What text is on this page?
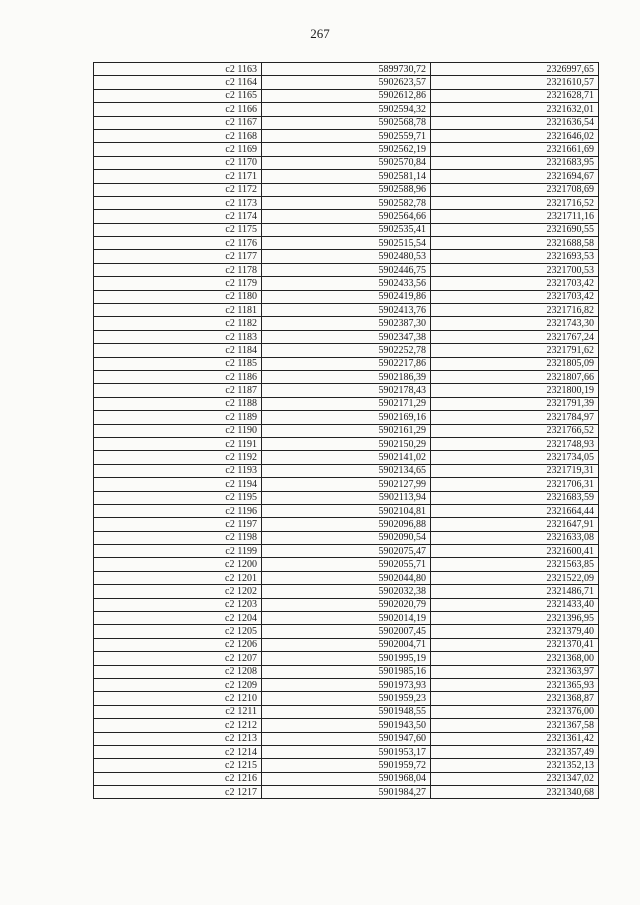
267
с2 1163	5899730,72	2326997,65
с2 1164	5902623,57	2321610,57
с2 1165	5902612,86	2321628,71
с2 1166	5902594,32	2321632,01
с2 1167	5902568,78	2321636,54
с2 1168	5902559,71	2321646,02
с2 1169	5902562,19	2321661,69
с2 1170	5902570,84	2321683,95
с2 1171	5902581,14	2321694,67
с2 1172	5902588,96	2321708,69
с2 1173	5902582,78	2321716,52
с2 1174	5902564,66	2321711,16
с2 1175	5902535,41	2321690,55
с2 1176	5902515,54	2321688,58
с2 1177	5902480,53	2321693,53
с2 1178	5902446,75	2321700,53
с2 1179	5902433,56	2321703,42
с2 1180	5902419,86	2321703,42
с2 1181	5902413,76	2321716,82
с2 1182	5902387,30	2321743,30
с2 1183	5902347,38	2321767,24
с2 1184	5902252,78	2321791,62
с2 1185	5902217,86	2321805,09
с2 1186	5902186,39	2321807,66
с2 1187	5902178,43	2321800,19
с2 1188	5902171,29	2321791,39
с2 1189	5902169,16	2321784,97
с2 1190	5902161,29	2321766,52
с2 1191	5902150,29	2321748,93
с2 1192	5902141,02	2321734,05
с2 1193	5902134,65	2321719,31
с2 1194	5902127,99	2321706,31
с2 1195	5902113,94	2321683,59
с2 1196	5902104,81	2321664,44
с2 1197	5902096,88	2321647,91
с2 1198	5902090,54	2321633,08
с2 1199	5902075,47	2321600,41
с2 1200	5902055,71	2321563,85
с2 1201	5902044,80	2321522,09
с2 1202	5902032,38	2321486,71
с2 1203	5902020,79	2321433,40
с2 1204	5902014,19	2321396,95
с2 1205	5902007,45	2321379,40
с2 1206	5902004,71	2321370,41
с2 1207	5901995,19	2321368,00
с2 1208	5901985,16	2321363,97
с2 1209	5901973,93	2321365,93
с2 1210	5901959,23	2321368,87
с2 1211	5901948,55	2321376,00
с2 1212	5901943,50	2321367,58
с2 1213	5901947,60	2321361,42
с2 1214	5901953,17	2321357,49
с2 1215	5901959,72	2321352,13
с2 1216	5901968,04	2321347,02
с2 1217	5901984,27	2321340,68
